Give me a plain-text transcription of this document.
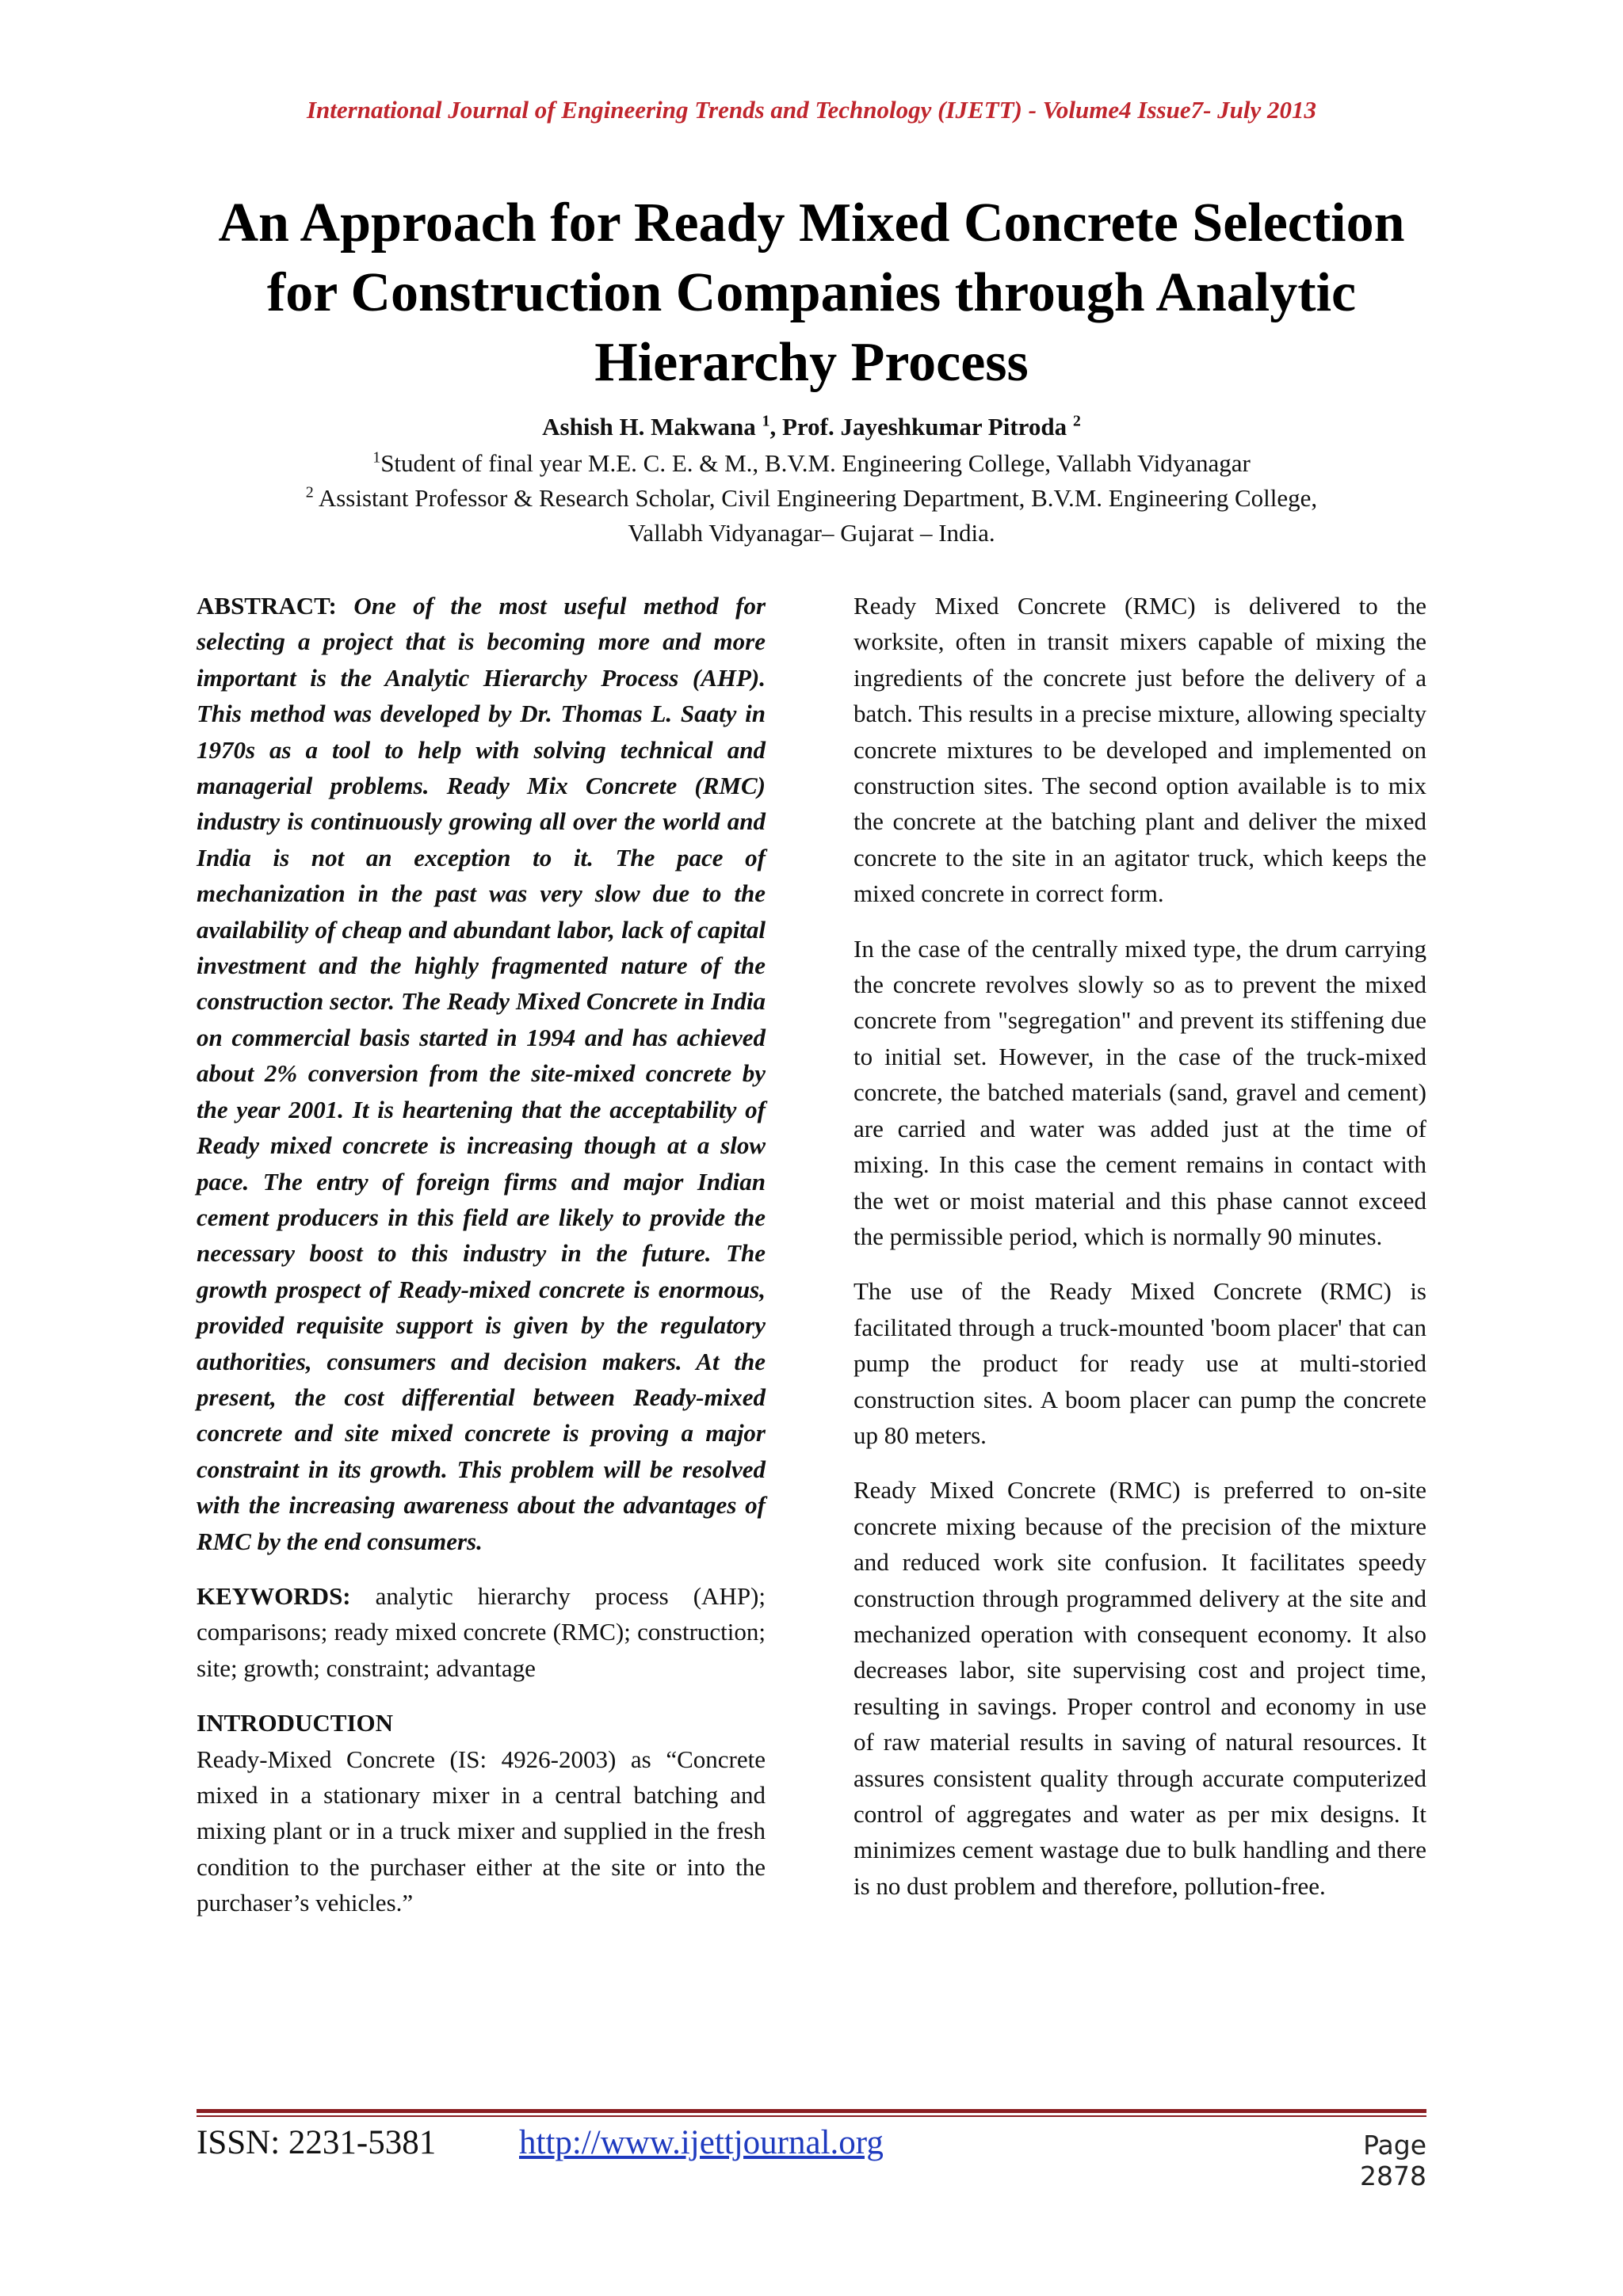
International Journal of Engineering Trends and Technology (IJETT) - Volume4 Issue7- July 2013
An Approach for Ready Mixed Concrete Selection
for Construction Companies through Analytic
Hierarchy Process
Ashish H. Makwana $^1$, Prof. Jayeshkumar Pitroda $^2$
$^1$Student of final year M.E. C. E. & M., B.V.M. Engineering College, Vallabh Vidyanagar
$^2$ Assistant Professor & Research Scholar, Civil Engineering Department, B.V.M. Engineering College,
Vallabh Vidyanagar– Gujarat – India.

ABSTRACT: One of the most useful method for selecting a project that is becoming more and more important is the Analytic Hierarchy Process (AHP). This method was developed by Dr. Thomas L. Saaty in 1970s as a tool to help with solving technical and managerial problems. Ready Mix Concrete (RMC) industry is continuously growing all over the world and India is not an exception to it. The pace of mechanization in the past was very slow due to the availability of cheap and abundant labor, lack of capital investment and the highly fragmented nature of the construction sector. The Ready Mixed Concrete in India on commercial basis started in 1994 and has achieved about 2% conversion from the site-mixed concrete by the year 2001. It is heartening that the acceptability of Ready mixed concrete is increasing though at a slow pace. The entry of foreign firms and major Indian cement producers in this field are likely to provide the necessary boost to this industry in the future. The growth prospect of Ready-mixed concrete is enormous, provided requisite support is given by the regulatory authorities, consumers and decision makers. At the present, the cost differential between Ready-mixed concrete and site mixed concrete is proving a major constraint in its growth. This problem will be resolved with the increasing awareness about the advantages of RMC by the end consumers.

KEYWORDS: analytic hierarchy process (AHP); comparisons; ready mixed concrete (RMC); construction; site; growth; constraint; advantage

INTRODUCTION
Ready-Mixed Concrete (IS: 4926-2003) as “Concrete mixed in a stationary mixer in a central batching and mixing plant or in a truck mixer and supplied in the fresh condition to the purchaser either at the site or into the purchaser’s vehicles.”

Ready Mixed Concrete (RMC) is delivered to the worksite, often in transit mixers capable of mixing the ingredients of the concrete just before the delivery of a batch. This results in a precise mixture, allowing specialty concrete mixtures to be developed and implemented on construction sites. The second option available is to mix the concrete at the batching plant and deliver the mixed concrete to the site in an agitator truck, which keeps the mixed concrete in correct form.

In the case of the centrally mixed type, the drum carrying the concrete revolves slowly so as to prevent the mixed concrete from "segregation" and prevent its stiffening due to initial set. However, in the case of the truck-mixed concrete, the batched materials (sand, gravel and cement) are carried and water was added just at the time of mixing. In this case the cement remains in contact with the wet or moist material and this phase cannot exceed the permissible period, which is normally 90 minutes.

The use of the Ready Mixed Concrete (RMC) is facilitated through a truck-mounted 'boom placer' that can pump the product for ready use at multi-storied construction sites. A boom placer can pump the concrete up 80 meters.

Ready Mixed Concrete (RMC) is preferred to on-site concrete mixing because of the precision of the mixture and reduced work site confusion. It facilitates speedy construction through programmed delivery at the site and mechanized operation with consequent economy. It also decreases labor, site supervising cost and project time, resulting in savings. Proper control and economy in use of raw material results in saving of natural resources. It assures consistent quality through accurate computerized control of aggregates and water as per mix designs. It minimizes cement wastage due to bulk handling and there is no dust problem and therefore, pollution-free.

ISSN: 2231-5381 http://www.ijettjournal.org	Page 2878
